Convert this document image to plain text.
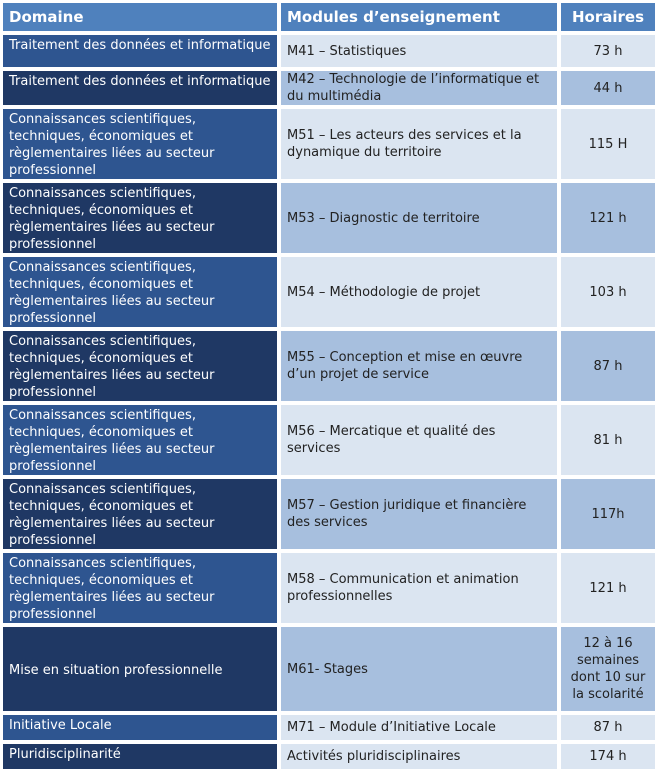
Domaine	Modules d’enseignement	Horaires
Traitement des données et informatique	M41 – Statistiques	73 h
Traitement des données et informatique	M42 – Technologie de l’informatique et du multimédia	44 h
Connaissances scientifiques, techniques, économiques et règlementaires liées au secteur professionnel	M51 – Les acteurs des services et la dynamique du territoire	115 H
Connaissances scientifiques, techniques, économiques et règlementaires liées au secteur professionnel	M53 – Diagnostic de territoire	121 h
Connaissances scientifiques, techniques, économiques et règlementaires liées au secteur professionnel	M54 – Méthodologie de projet	103 h
Connaissances scientifiques, techniques, économiques et règlementaires liées au secteur professionnel	M55 – Conception et mise en œuvre d’un projet de service	87 h
Connaissances scientifiques, techniques, économiques et règlementaires liées au secteur professionnel	M56 – Mercatique et qualité des services	81 h
Connaissances scientifiques, techniques, économiques et règlementaires liées au secteur professionnel	M57 – Gestion juridique et financière des services	117h
Connaissances scientifiques, techniques, économiques et règlementaires liées au secteur professionnel	M58 – Communication et animation professionnelles	121 h
Mise en situation professionnelle	M61- Stages	12 à 16 semaines dont 10 sur la scolarité
Initiative Locale	M71 – Module d’Initiative Locale	87 h
Pluridisciplinarité	Activités pluridisciplinaires	174 h
